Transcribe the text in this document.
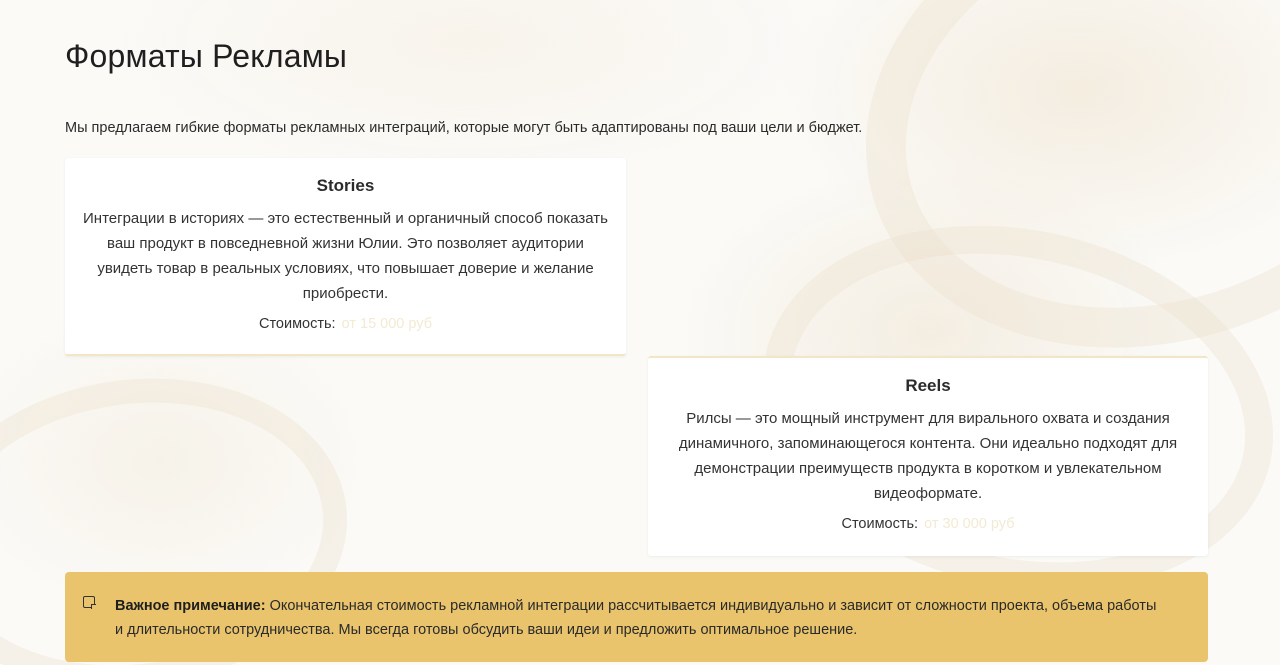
Форматы Рекламы

Мы предлагаем гибкие форматы рекламных интеграций, которые могут быть адаптированы под ваши цели и бюджет.

Stories

Интеграции в историях — это естественный и органичный способ показать ваш продукт в повседневной жизни Юлии. Это позволяет аудитории увидеть товар в реальных условиях, что повышает доверие и желание приобрести.

Стоимость: от 15 000 руб
Reels

Рилсы — это мощный инструмент для вирального охвата и создания динамичного, запоминающегося контента. Они идеально подходят для демонстрации преимуществ продукта в коротком и увлекательном видеоформате.

Стоимость: от 30 000 руб
Важное примечание: Окончательная стоимость рекламной интеграции рассчитывается индивидуально и зависит от сложности проекта, объема работы и длительности сотрудничества. Мы всегда готовы обсудить ваши идеи и предложить оптимальное решение.
